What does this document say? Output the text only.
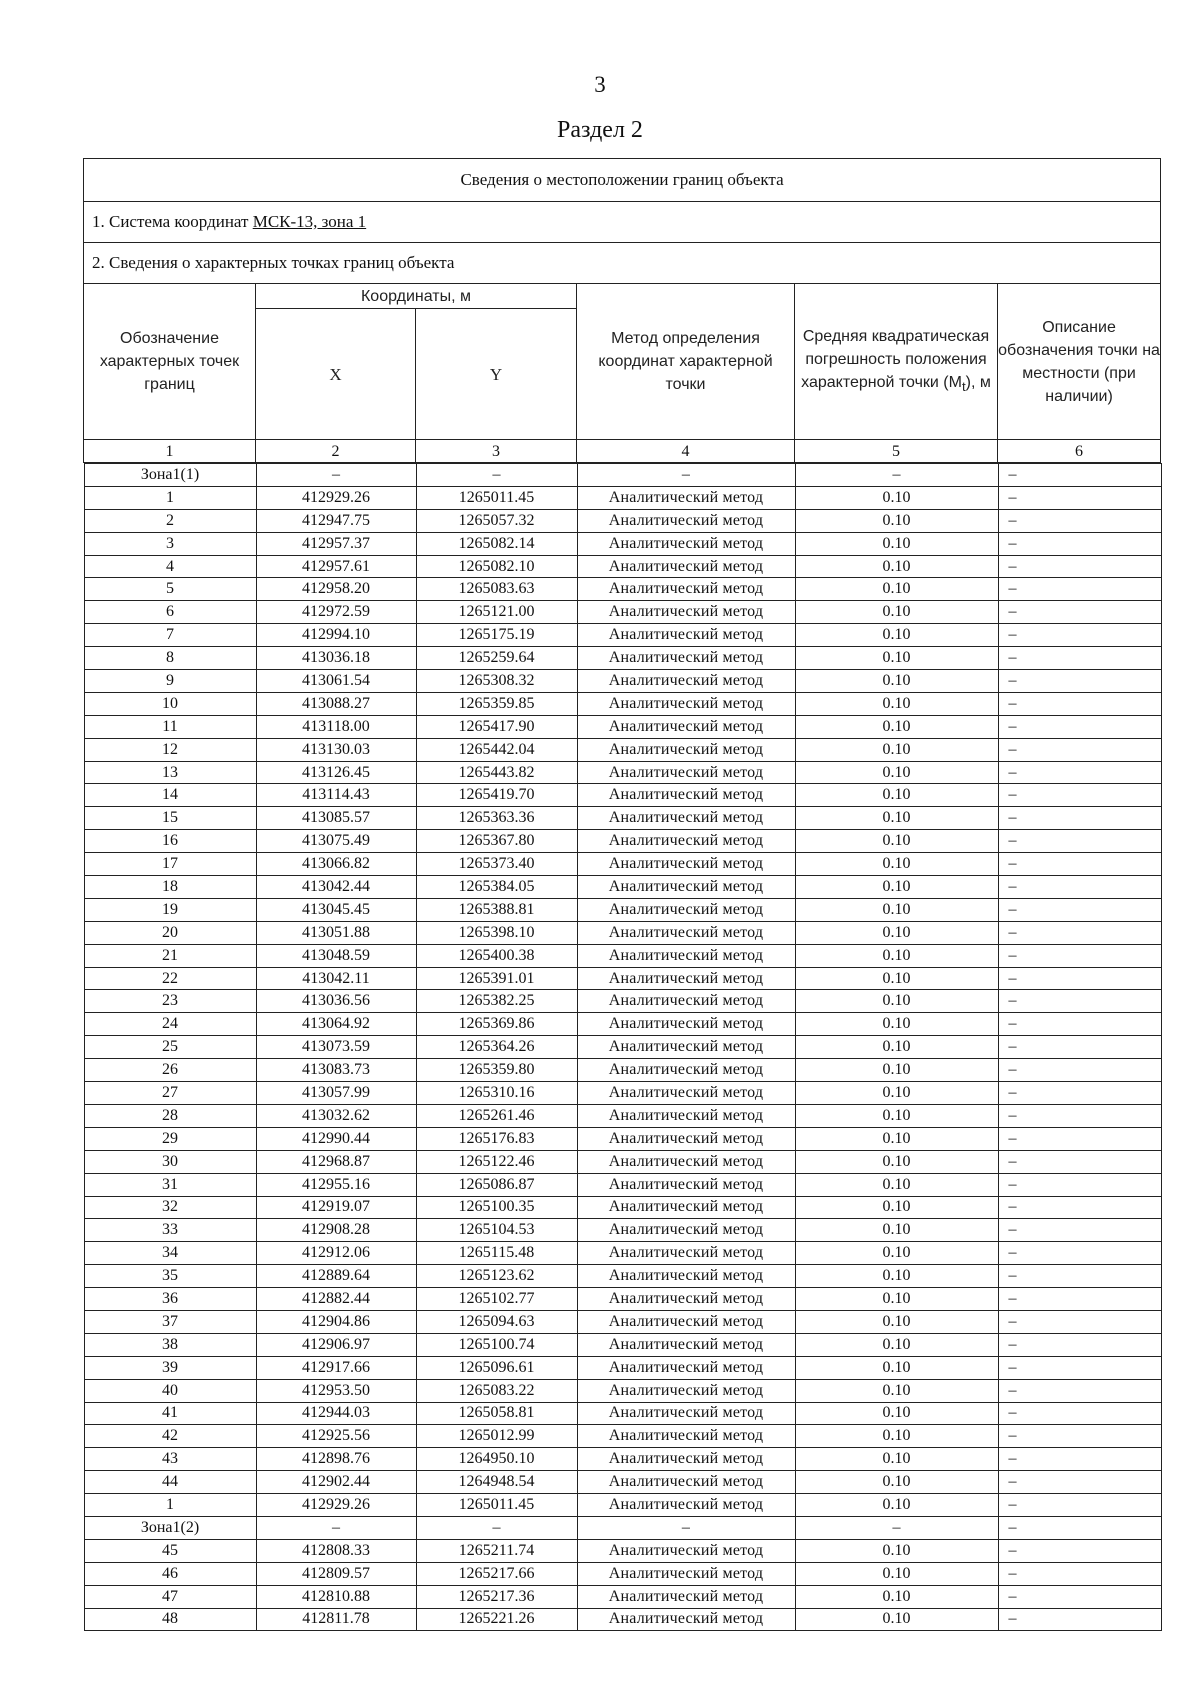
3
Раздел 2
Сведения о местоположении границ объекта
1. Система координат МСК-13, зона 1
2. Сведения о характерных точках границ объекта
Обозначение характерных точек границ	Координаты, м	Метод определения координат характерной точки	Средняя квадратическая погрешность положения характерной точки $(M_t)$, м	Описание обозначения точки на местности (при наличии)
X	Y
1	2	3	4	5	6

Зона1(1)	–	–	–	–	–
1	412929.26	1265011.45	Аналитический метод	0.10	–
2	412947.75	1265057.32	Аналитический метод	0.10	–
3	412957.37	1265082.14	Аналитический метод	0.10	–
4	412957.61	1265082.10	Аналитический метод	0.10	–
5	412958.20	1265083.63	Аналитический метод	0.10	–
6	412972.59	1265121.00	Аналитический метод	0.10	–
7	412994.10	1265175.19	Аналитический метод	0.10	–
8	413036.18	1265259.64	Аналитический метод	0.10	–
9	413061.54	1265308.32	Аналитический метод	0.10	–
10	413088.27	1265359.85	Аналитический метод	0.10	–
11	413118.00	1265417.90	Аналитический метод	0.10	–
12	413130.03	1265442.04	Аналитический метод	0.10	–
13	413126.45	1265443.82	Аналитический метод	0.10	–
14	413114.43	1265419.70	Аналитический метод	0.10	–
15	413085.57	1265363.36	Аналитический метод	0.10	–
16	413075.49	1265367.80	Аналитический метод	0.10	–
17	413066.82	1265373.40	Аналитический метод	0.10	–
18	413042.44	1265384.05	Аналитический метод	0.10	–
19	413045.45	1265388.81	Аналитический метод	0.10	–
20	413051.88	1265398.10	Аналитический метод	0.10	–
21	413048.59	1265400.38	Аналитический метод	0.10	–
22	413042.11	1265391.01	Аналитический метод	0.10	–
23	413036.56	1265382.25	Аналитический метод	0.10	–
24	413064.92	1265369.86	Аналитический метод	0.10	–
25	413073.59	1265364.26	Аналитический метод	0.10	–
26	413083.73	1265359.80	Аналитический метод	0.10	–
27	413057.99	1265310.16	Аналитический метод	0.10	–
28	413032.62	1265261.46	Аналитический метод	0.10	–
29	412990.44	1265176.83	Аналитический метод	0.10	–
30	412968.87	1265122.46	Аналитический метод	0.10	–
31	412955.16	1265086.87	Аналитический метод	0.10	–
32	412919.07	1265100.35	Аналитический метод	0.10	–
33	412908.28	1265104.53	Аналитический метод	0.10	–
34	412912.06	1265115.48	Аналитический метод	0.10	–
35	412889.64	1265123.62	Аналитический метод	0.10	–
36	412882.44	1265102.77	Аналитический метод	0.10	–
37	412904.86	1265094.63	Аналитический метод	0.10	–
38	412906.97	1265100.74	Аналитический метод	0.10	–
39	412917.66	1265096.61	Аналитический метод	0.10	–
40	412953.50	1265083.22	Аналитический метод	0.10	–
41	412944.03	1265058.81	Аналитический метод	0.10	–
42	412925.56	1265012.99	Аналитический метод	0.10	–
43	412898.76	1264950.10	Аналитический метод	0.10	–
44	412902.44	1264948.54	Аналитический метод	0.10	–
1	412929.26	1265011.45	Аналитический метод	0.10	–
Зона1(2)	–	–	–	–	–
45	412808.33	1265211.74	Аналитический метод	0.10	–
46	412809.57	1265217.66	Аналитический метод	0.10	–
47	412810.88	1265217.36	Аналитический метод	0.10	–
48	412811.78	1265221.26	Аналитический метод	0.10	–
